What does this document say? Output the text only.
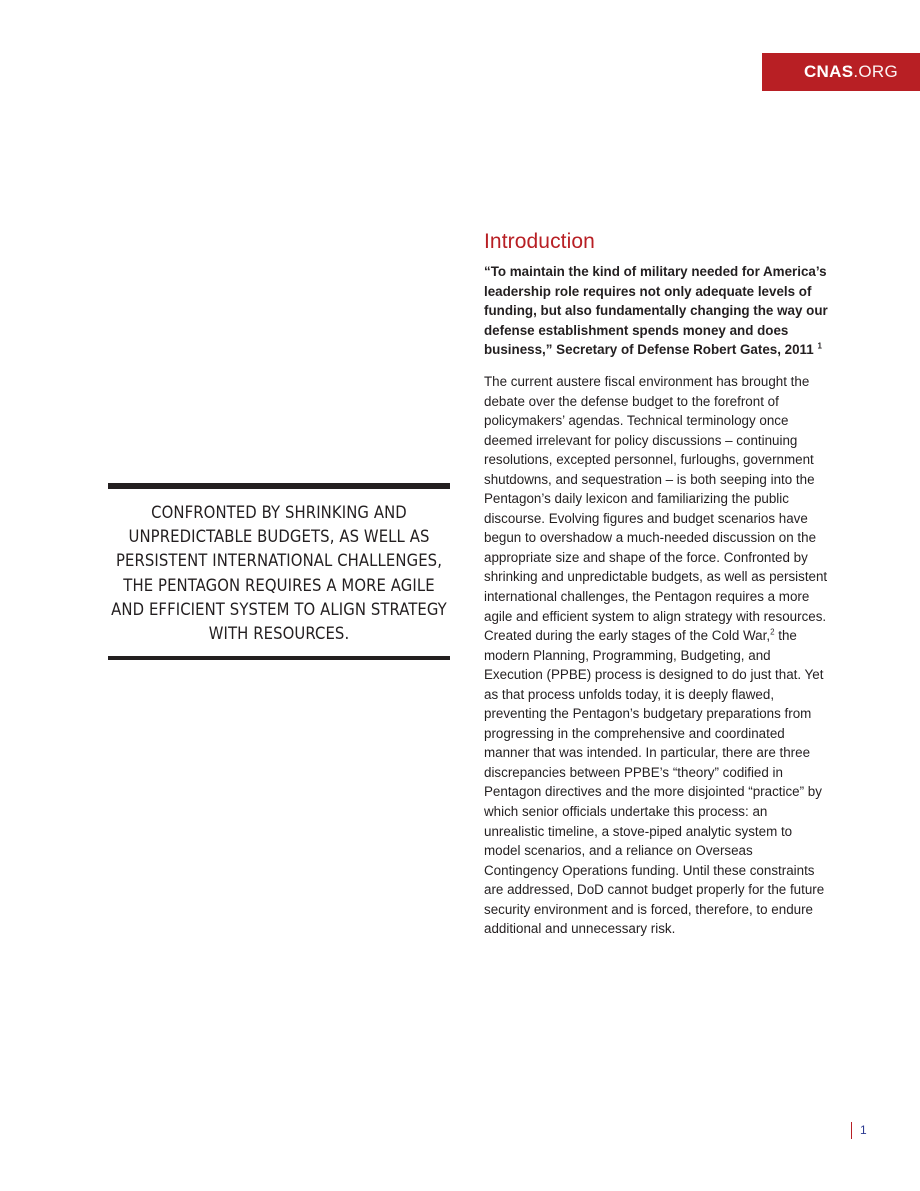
CNAS .ORG
CONFRONTED BY SHRINKING AND UNPREDICTABLE BUDGETS, AS WELL AS PERSISTENT INTERNATIONAL CHALLENGES, THE PENTAGON REQUIRES A MORE AGILE AND EFFICIENT SYSTEM TO ALIGN STRATEGY WITH RESOURCES.
Introduction

“To maintain the kind of military needed for America’s leadership role requires not only adequate levels of funding, but also fundamentally changing the way our defense establishment spends money and does business,” Secretary of Defense Robert Gates, 2011 $^1$

The current austere fiscal environment has brought the debate over the defense budget to the forefront of policymakers’ agendas. Technical terminology once deemed irrelevant for policy discussions – continuing resolutions, excepted personnel, furloughs, government shutdowns, and sequestration – is both seeping into the Pentagon’s daily lexicon and familiarizing the public discourse. Evolving figures and budget scenarios have begun to overshadow a much-needed discussion on the appropriate size and shape of the force. Confronted by shrinking and unpredictable budgets, as well as persistent international challenges, the Pentagon requires a more agile and efficient system to align strategy with resources. Created during the early stages of the Cold War,$^2$ the modern Planning, Programming, Budgeting, and Execution (PPBE) process is designed to do just that. Yet as that process unfolds today, it is deeply flawed, preventing the Pentagon’s budgetary preparations from progressing in the comprehensive and coordinated manner that was intended. In particular, there are three discrepancies between PPBE’s “theory” codified in Pentagon directives and the more disjointed “practice” by which senior officials undertake this process: an unrealistic timeline, a stove-piped analytic system to model scenarios, and a reliance on Overseas Contingency Operations funding. Until these constraints are addressed, DoD cannot budget properly for the future security environment and is forced, therefore, to endure additional and unnecessary risk.

1
